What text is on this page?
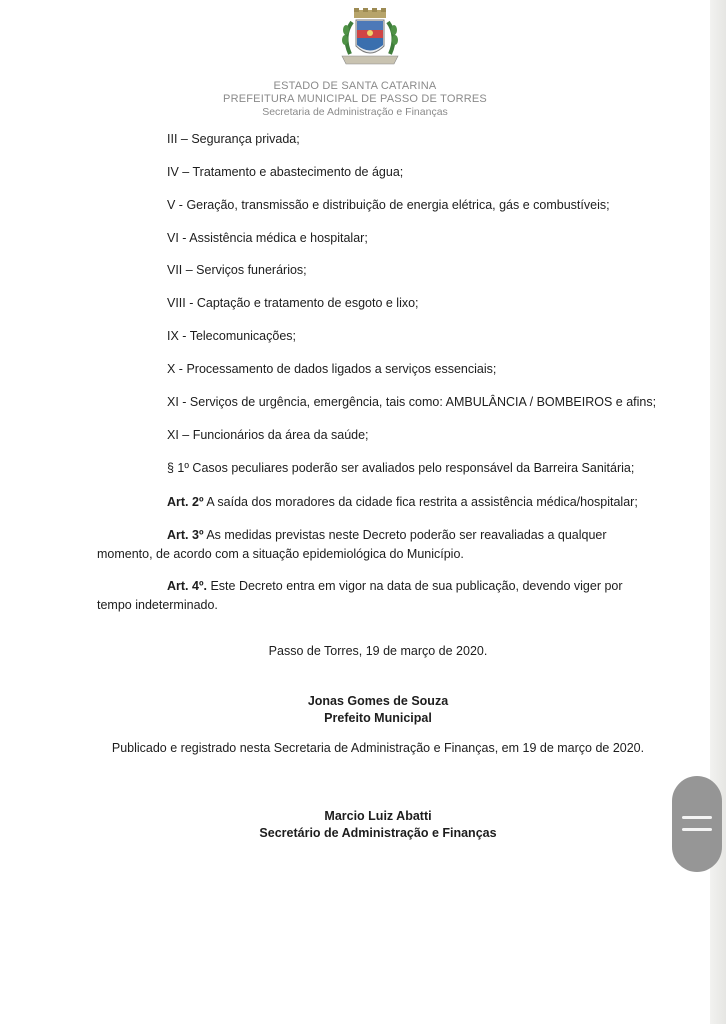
ESTADO DE SANTA CATARINA
PREFEITURA MUNICIPAL DE PASSO DE TORRES
Secretaria de Administração e Finanças
III – Segurança privada;
IV – Tratamento e abastecimento de água;
V - Geração, transmissão e distribuição de energia elétrica, gás e combustíveis;
VI - Assistência médica e hospitalar;
VII – Serviços funerários;
VIII - Captação e tratamento de esgoto e lixo;
IX - Telecomunicações;
X - Processamento de dados ligados a serviços essenciais;
XI - Serviços de urgência, emergência, tais como: AMBULÂNCIA / BOMBEIROS e afins;
XI – Funcionários da área da saúde;
§ 1º Casos peculiares poderão ser avaliados pelo responsável da Barreira Sanitária;
Art. 2º A saída dos moradores da cidade fica restrita a assistência médica/hospitalar;
Art. 3º As medidas previstas neste Decreto poderão ser reavaliadas a qualquer
momento, de acordo com a situação epidemiológica do Município.
Art. 4º. Este Decreto entra em vigor na data de sua publicação, devendo viger por
tempo indeterminado.
Passo de Torres, 19 de março de 2020.
Jonas Gomes de Souza
Prefeito Municipal
Publicado e registrado nesta Secretaria de Administração e Finanças, em 19 de março de 2020.
Marcio Luiz Abatti
Secretário de Administração e Finanças
